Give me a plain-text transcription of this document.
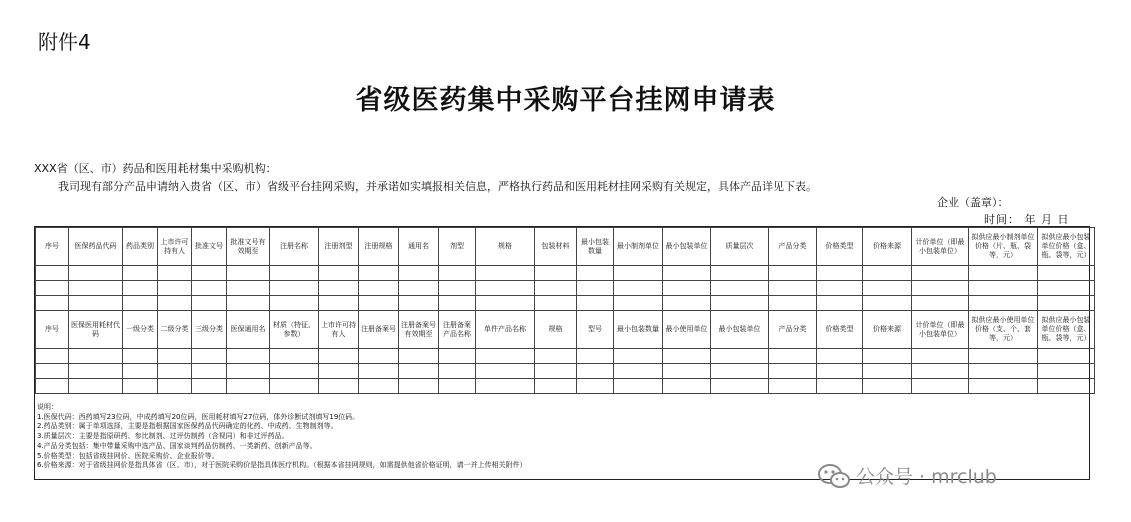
附件4
省级医药集中采购平台挂网申请表
XXX省（区、市）药品和医用耗材集中采购机构：
我司现有部分产品申请纳入贵省（区、市）省级平台挂网采购，并承诺如实填报相关信息，严格执行药品和医用耗材挂网采购有关规定，具体产品详见下表。
企业（盖章）：
时间： 年 月 日
序号	医保药品代码	药品类别	上市许可持有人	批准文号	批准文号有效期至	注册名称	注册剂型	注册规格	通用名	剂型	规格	包装材料	最小包装数量	最小制剂单位	最小包装单位	质量层次	产品分类	价格类型	价格来源	计价单位（即最小包装单位）	拟供应最小制剂单位价格（片、瓶、袋等，元）	拟供应最小包装单位价格（盒、瓶、袋等，元）

序号	医保医用耗材代码	一级分类	二级分类	三级分类	医保通用名	材质（特征、参数）	上市许可持有人	注册备案号	注册备案号有效期至	注册备案产品名称	单件产品名称	规格	型号	最小包装数量	最小使用单位	最小包装单位	产品分类	价格类型	价格来源	计价单位（即最小包装单位）	拟供应最小使用单位价格（支、个、套等，元）	拟供应最小包装单位价格（盒、瓶、袋等，元）

说明：
1.医保代码：西药填写23位码，中成药填写20位码，医用耗材填写27位码，体外诊断试剂填写19位码。
2.药品类别：属于单项选择，主要是指根据国家医保药品代码确定的化药、中成药、生物制剂等。
3.质量层次：主要是指原研药、参比制剂、过评仿制药（含视同）和非过评药品。
4.产品分类包括：集中带量采购中选产品、国家谈判药品仿制药、一类新药、创新产品等。
5.价格类型：包括省级挂网价、医院采购价、企业报价等。
6.价格来源：对于省级挂网价是指具体省（区、市），对于医院采购价是指具体医疗机构。（根据本省挂网规则，如需提供他省价格证明，请一并上传相关附件）
公众号 · mrclub
